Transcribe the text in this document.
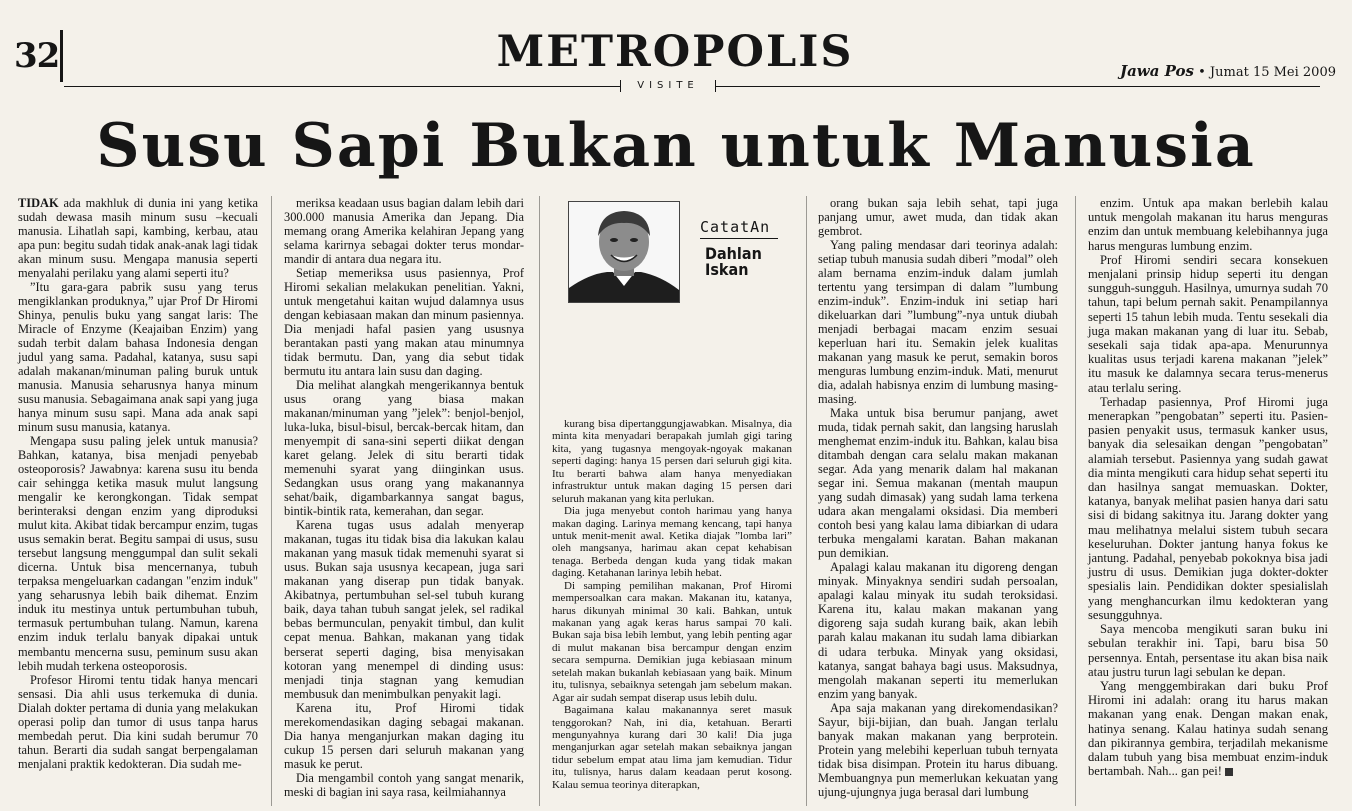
32	METROPOLIS
VISITE
Jawa Pos • Jumat 15 Mei 2009
Susu Sapi Bukan untuk Manusia

TIDAK ada makhluk di dunia ini yang ketika sudah dewasa masih minum susu –kecuali manusia. Lihatlah sapi, kambing, kerbau, atau apa pun: begitu sudah tidak anak-anak lagi tidak akan minum susu. Mengapa manusia seperti menyalahi perilaku yang alami seperti itu?

”Itu gara-gara pabrik susu yang terus mengiklankan produknya,” ujar Prof Dr Hiromi Shinya, penulis buku yang sangat laris: The Miracle of Enzyme (Keajaiban Enzim) yang sudah terbit dalam bahasa Indonesia dengan judul yang sama. Padahal, katanya, susu sapi adalah makanan/minuman paling buruk untuk manusia. Manusia seharusnya hanya minum susu manusia. Sebagaimana anak sapi yang juga hanya minum susu sapi. Mana ada anak sapi minum susu manusia, katanya.

Mengapa susu paling jelek untuk manusia? Bahkan, katanya, bisa menjadi penyebab osteoporosis? Jawabnya: karena susu itu benda cair sehingga ketika masuk mulut langsung mengalir ke kerongkongan. Tidak sempat berinteraksi dengan enzim yang diproduksi mulut kita. Akibat tidak bercampur enzim, tugas usus semakin berat. Begitu sampai di usus, susu tersebut langsung menggumpal dan sulit sekali dicerna. Untuk bisa mencernanya, tubuh terpaksa mengeluarkan cadangan "enzim induk" yang seharusnya lebih baik dihemat. Enzim induk itu mestinya untuk pertumbuhan tubuh, termasuk pertumbuhan tulang. Namun, karena enzim induk terlalu banyak dipakai untuk membantu mencerna susu, peminum susu akan lebih mudah terkena osteoporosis.

Profesor Hiromi tentu tidak hanya mencari sensasi. Dia ahli usus terkemuka di dunia. Dialah dokter pertama di dunia yang melakukan operasi polip dan tumor di usus tanpa harus membedah perut. Dia kini sudah berumur 70 tahun. Berarti dia sudah sangat berpengalaman menjalani praktik kedokteran. Dia sudah me-

meriksa keadaan usus bagian dalam lebih dari 300.000 manusia Amerika dan Jepang. Dia memang orang Amerika kelahiran Jepang yang selama karirnya sebagai dokter terus mondar-mandir di antara dua negara itu.

Setiap memeriksa usus pasiennya, Prof Hiromi sekalian melakukan penelitian. Yakni, untuk mengetahui kaitan wujud dalamnya usus dengan kebiasaan makan dan minum pasiennya. Dia menjadi hafal pasien yang ususnya berantakan pasti yang makan atau minumnya tidak bermutu. Dan, yang dia sebut tidak bermutu itu antara lain susu dan daging.

Dia melihat alangkah mengerikannya bentuk usus orang yang biasa makan makanan/minuman yang ”jelek”: benjol-benjol, luka-luka, bisul-bisul, bercak-bercak hitam, dan menyempit di sana-sini seperti diikat dengan karet gelang. Jelek di situ berarti tidak memenuhi syarat yang diinginkan usus. Sedangkan usus orang yang makanannya sehat/baik, digambarkannya sangat bagus, bintik-bintik rata, kemerahan, dan segar.

Karena tugas usus adalah menyerap makanan, tugas itu tidak bisa dia lakukan kalau makanan yang masuk tidak memenuhi syarat si usus. Bukan saja ususnya kecapean, juga sari makanan yang diserap pun tidak banyak. Akibatnya, pertumbuhan sel-sel tubuh kurang baik, daya tahan tubuh sangat jelek, sel radikal bebas bermunculan, penyakit timbul, dan kulit cepat menua. Bahkan, makanan yang tidak berserat seperti daging, bisa menyisakan kotoran yang menempel di dinding usus: menjadi tinja stagnan yang kemudian membusuk dan menimbulkan penyakit lagi.

Karena itu, Prof Hiromi tidak merekomendasikan daging sebagai makanan. Dia hanya menganjurkan makan daging itu cukup 15 persen dari seluruh makanan yang masuk ke perut.

Dia mengambil contoh yang sangat menarik, meski di bagian ini saya rasa, keilmiahannya

kurang bisa dipertanggungjawabkan. Misalnya, dia minta kita menyadari berapakah jumlah gigi taring kita, yang tugasnya mengoyak-ngoyak makanan seperti daging: hanya 15 persen dari seluruh gigi kita. Itu berarti bahwa alam hanya menyediakan infrastruktur untuk makan daging 15 persen dari seluruh makanan yang kita perlukan.

Dia juga menyebut contoh harimau yang hanya makan daging. Larinya memang kencang, tapi hanya untuk menit-menit awal. Ketika diajak ”lomba lari” oleh mangsanya, harimau akan cepat kehabisan tenaga. Berbeda dengan kuda yang tidak makan daging. Ketahanan larinya lebih hebat.

Di samping pemilihan makanan, Prof Hiromi mempersoalkan cara makan. Makanan itu, katanya, harus dikunyah minimal 30 kali. Bahkan, untuk makanan yang agak keras harus sampai 70 kali. Bukan saja bisa lebih lembut, yang lebih penting agar di mulut makanan bisa bercampur dengan enzim secara sempurna. Demikian juga kebiasaan minum setelah makan bukanlah kebiasaan yang baik. Minum itu, tulisnya, sebaiknya setengah jam sebelum makan. Agar air sudah sempat diserap usus lebih dulu.

Bagaimana kalau makanannya seret masuk tenggorokan? Nah, ini dia, ketahuan. Berarti mengunyahnya kurang dari 30 kali! Dia juga menganjurkan agar setelah makan sebaiknya jangan tidur sebelum empat atau lima jam kemudian. Tidur itu, tulisnya, harus dalam keadaan perut kosong. Kalau semua teorinya diterapkan,

orang bukan saja lebih sehat, tapi juga panjang umur, awet muda, dan tidak akan gembrot.

Yang paling mendasar dari teorinya adalah: setiap tubuh manusia sudah diberi ”modal” oleh alam bernama enzim-induk dalam jumlah tertentu yang tersimpan di dalam ”lumbung enzim-induk”. Enzim-induk ini setiap hari dikeluarkan dari ”lumbung”-nya untuk diubah menjadi berbagai macam enzim sesuai keperluan hari itu. Semakin jelek kualitas makanan yang masuk ke perut, semakin boros menguras lumbung enzim-induk. Mati, menurut dia, adalah habisnya enzim di lumbung masing-masing.

Maka untuk bisa berumur panjang, awet muda, tidak pernah sakit, dan langsing haruslah menghemat enzim-induk itu. Bahkan, kalau bisa ditambah dengan cara selalu makan makanan segar. Ada yang menarik dalam hal makanan segar ini. Semua makanan (mentah maupun yang sudah dimasak) yang sudah lama terkena udara akan mengalami oksidasi. Dia memberi contoh besi yang kalau lama dibiarkan di udara terbuka mengalami karatan. Bahan makanan pun demikian.

Apalagi kalau makanan itu digoreng dengan minyak. Minyaknya sendiri sudah persoalan, apalagi kalau minyak itu sudah teroksidasi. Karena itu, kalau makan makanan yang digoreng saja sudah kurang baik, akan lebih parah kalau makanan itu sudah lama dibiarkan di udara terbuka. Minyak yang oksidasi, katanya, sangat bahaya bagi usus. Maksudnya, mengolah makanan seperti itu memerlukan enzim yang banyak.

Apa saja makanan yang direkomendasikan? Sayur, biji-bijian, dan buah. Jangan terlalu banyak makan makanan yang berprotein. Protein yang melebihi keperluan tubuh ternyata tidak bisa disimpan. Protein itu harus dibuang. Membuangnya pun memerlukan kekuatan yang ujung-ujungnya juga berasal dari lumbung

enzim. Untuk apa makan berlebih kalau untuk mengolah makanan itu harus menguras enzim dan untuk membuang kelebihannya juga harus menguras lumbung enzim.

Prof Hiromi sendiri secara konsekuen menjalani prinsip hidup seperti itu dengan sungguh-sungguh. Hasilnya, umurnya sudah 70 tahun, tapi belum pernah sakit. Penampilannya seperti 15 tahun lebih muda. Tentu sesekali dia juga makan makanan yang di luar itu. Sebab, sesekali saja tidak apa-apa. Menurunnya kualitas usus terjadi karena makanan ”jelek” itu masuk ke dalamnya secara terus-menerus atau terlalu sering.

Terhadap pasiennya, Prof Hiromi juga menerapkan ”pengobatan” seperti itu. Pasien-pasien penyakit usus, termasuk kanker usus, banyak dia selesaikan dengan ”pengobatan” alamiah tersebut. Pasiennya yang sudah gawat dia minta mengikuti cara hidup sehat seperti itu dan hasilnya sangat memuaskan. Dokter, katanya, banyak melihat pasien hanya dari satu sisi di bidang sakitnya itu. Jarang dokter yang mau melihatnya melalui sistem tubuh secara keseluruhan. Dokter jantung hanya fokus ke jantung. Padahal, penyebab pokoknya bisa jadi justru di usus. Demikian juga dokter-dokter spesialis lain. Pendidikan dokter spesialislah yang menghancurkan ilmu kedokteran yang sesungguhnya.

Saya mencoba mengikuti saran buku ini sebulan terakhir ini. Tapi, baru bisa 50 persennya. Entah, persentase itu akan bisa naik atau justru turun lagi sebulan ke depan.

Yang menggembirakan dari buku Prof Hiromi ini adalah: orang itu harus makan makanan yang enak. Dengan makan enak, hatinya senang. Kalau hatinya sudah senang dan pikirannya gembira, terjadilah mekanisme dalam tubuh yang bisa membuat enzim-induk bertambah. Nah... gan pei!

CatatAn
Dahlan
Iskan
